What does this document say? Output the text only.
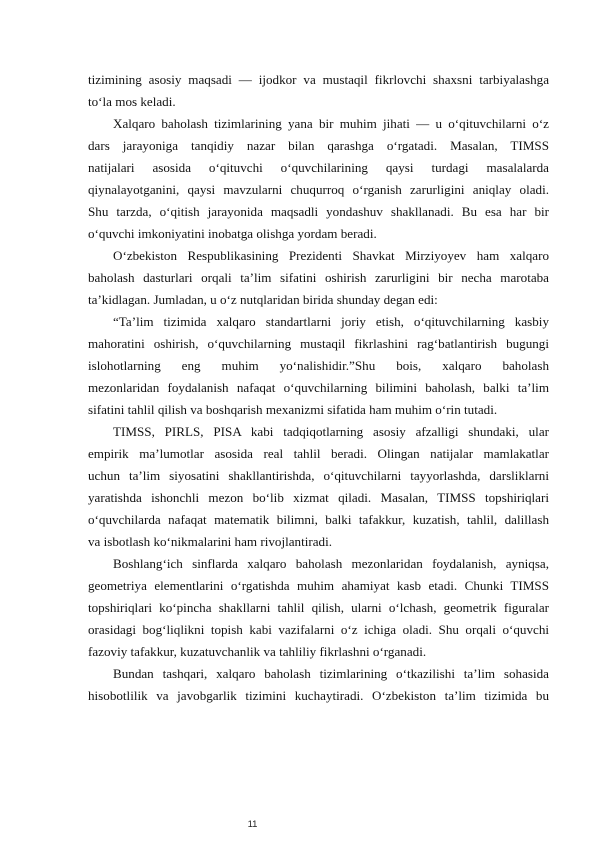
tizimining asosiy maqsadi — ijodkor va mustaqil fikrlovchi shaxsni tarbiyalashga
to‘la mos keladi.

Xalqaro baholash tizimlarining yana bir muhim jihati — u o‘qituvchilarni o‘z
dars jarayoniga tanqidiy nazar bilan qarashga o‘rgatadi. Masalan, TIMSS
natijalari asosida o‘qituvchi o‘quvchilarining qaysi turdagi masalalarda
qiynalayotganini, qaysi mavzularni chuqurroq o‘rganish zarurligini aniqlay oladi.
Shu tarzda, o‘qitish jarayonida maqsadli yondashuv shakllanadi. Bu esa har bir
o‘quvchi imkoniyatini inobatga olishga yordam beradi.

O‘zbekiston Respublikasining Prezidenti Shavkat Mirziyoyev ham xalqaro
baholash dasturlari orqali ta’lim sifatini oshirish zarurligini bir necha marotaba
ta’kidlagan. Jumladan, u o‘z nutqlaridan birida shunday degan edi:

“Ta’lim tizimida xalqaro standartlarni joriy etish, o‘qituvchilarning kasbiy
mahoratini oshirish, o‘quvchilarning mustaqil fikrlashini rag‘batlantirish bugungi
islohotlarning eng muhim yo‘nalishidir.”Shu bois, xalqaro baholash
mezonlaridan foydalanish nafaqat o‘quvchilarning bilimini baholash, balki ta’lim
sifatini tahlil qilish va boshqarish mexanizmi sifatida ham muhim o‘rin tutadi.

TIMSS, PIRLS, PISA kabi tadqiqotlarning asosiy afzalligi shundaki, ular
empirik ma’lumotlar asosida real tahlil beradi. Olingan natijalar mamlakatlar
uchun ta’lim siyosatini shakllantirishda, o‘qituvchilarni tayyorlashda, darsliklarni
yaratishda ishonchli mezon bo‘lib xizmat qiladi. Masalan, TIMSS topshiriqlari
o‘quvchilarda nafaqat matematik bilimni, balki tafakkur, kuzatish, tahlil, dalillash
va isbotlash ko‘nikmalarini ham rivojlantiradi.

Boshlang‘ich sinflarda xalqaro baholash mezonlaridan foydalanish, ayniqsa,
geometriya elementlarini o‘rgatishda muhim ahamiyat kasb etadi. Chunki TIMSS
topshiriqlari ko‘pincha shakllarni tahlil qilish, ularni o‘lchash, geometrik figuralar
orasidagi bog‘liqlikni topish kabi vazifalarni o‘z ichiga oladi. Shu orqali o‘quvchi
fazoviy tafakkur, kuzatuvchanlik va tahliliy fikrlashni o‘rganadi.

Bundan tashqari, xalqaro baholash tizimlarining o‘tkazilishi ta’lim sohasida
hisobotlilik va javobgarlik tizimini kuchaytiradi. O‘zbekiston ta’lim tizimida bu

11
